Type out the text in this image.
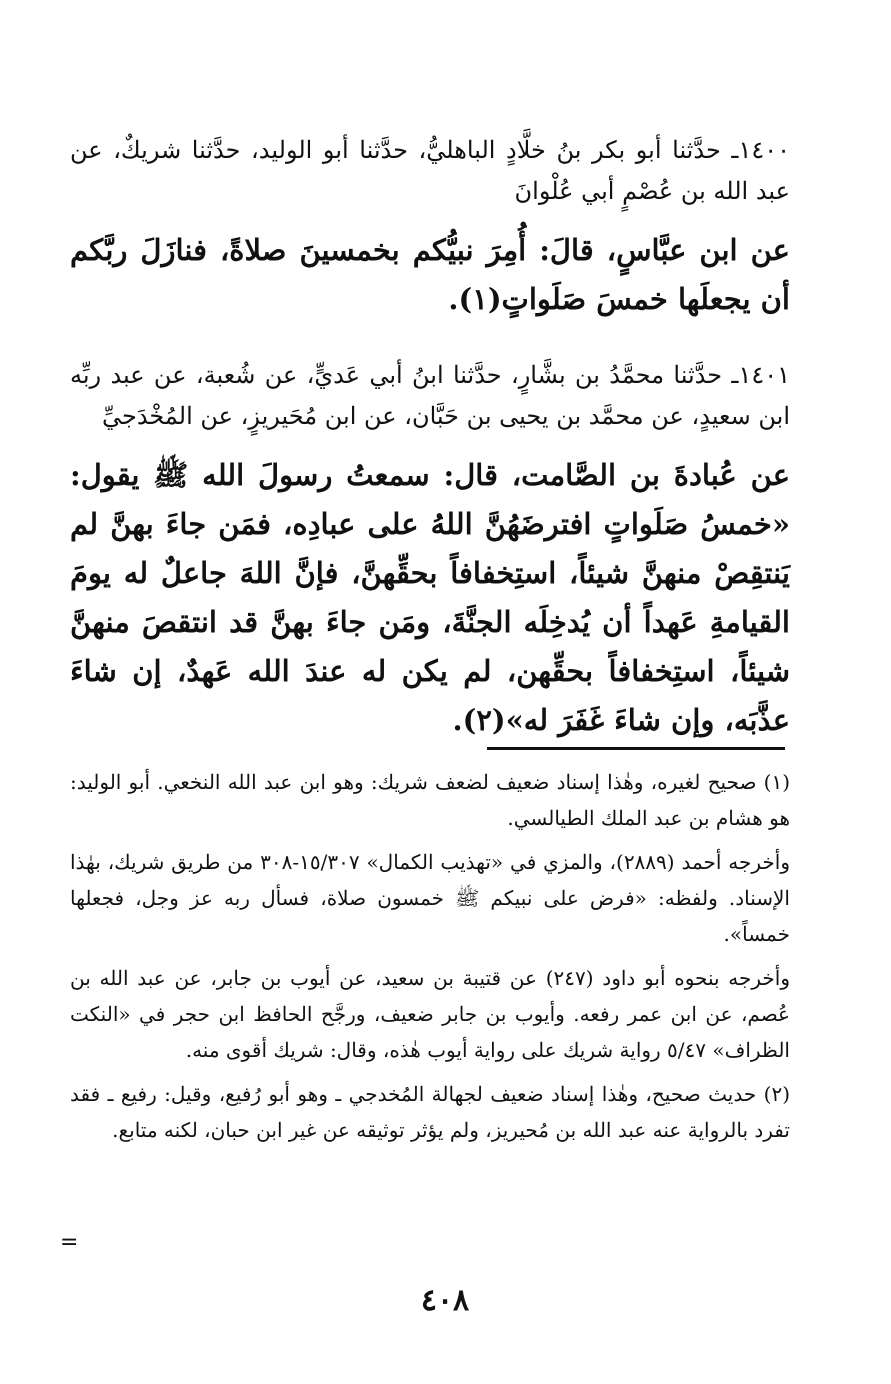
١٤٠٠ـ حدَّثنا أبو بكر بنُ خلَّادٍ الباهليُّ، حدَّثنا أبو الوليد، حدَّثنا شريكٌ، عن عبد الله بن عُصْمٍ أبي عُلْوانَ

عن ابن عبَّاسٍ، قالَ: أُمِرَ نبيُّكم بخمسينَ صلاةً، فنازَلَ ربَّكم أن يجعلَها خمسَ صَلَواتٍ(١).

١٤٠١ـ حدَّثنا محمَّدُ بن بشَّارٍ، حدَّثنا ابنُ أبي عَديٍّ، عن شُعبة، عن عبد ربِّه ابن سعيدٍ، عن محمَّد بن يحيى بن حَبَّان، عن ابن مُحَيريزٍ، عن المُخْدَجيِّ

عن عُبادةَ بن الصَّامت، قال: سمعتُ رسولَ الله ﷺ يقول: «خمسُ صَلَواتٍ افترضَهُنَّ اللهُ على عبادِه، فمَن جاءَ بهنَّ لم يَنتقِصْ منهنَّ شيئاً، استِخفافاً بحقِّهنَّ، فإنَّ اللهَ جاعلٌ له يومَ القيامةِ عَهداً أن يُدخِلَه الجنَّةَ، ومَن جاءَ بهنَّ قد انتقصَ منهنَّ شيئاً، استِخفافاً بحقِّهن، لم يكن له عندَ الله عَهدٌ، إن شاءَ عذَّبَه، وإن شاءَ غَفَرَ له»(٢).

(١) صحيح لغيره، وهٰذا إسناد ضعيف لضعف شريك: وهو ابن عبد الله النخعي. أبو الوليد: هو هشام بن عبد الملك الطيالسي.

وأخرجه أحمد (٢٨٨٩)، والمزي في «تهذيب الكمال» ١٥/٣٠٧-٣٠٨ من طريق شريك، بهٰذا الإسناد. ولفظه: «فرض على نبيكم ﷺ خمسون صلاة، فسأل ربه عز وجل، فجعلها خمساً».

وأخرجه بنحوه أبو داود (٢٤٧) عن قتيبة بن سعيد، عن أيوب بن جابر، عن عبد الله بن عُصم، عن ابن عمر رفعه. وأيوب بن جابر ضعيف، ورجَّح الحافظ ابن حجر في «النكت الظراف» ٥/٤٧ رواية شريك على رواية أيوب هٰذه، وقال: شريك أقوى منه.

(٢) حديث صحيح، وهٰذا إسناد ضعيف لجهالة المُخدجي ـ وهو أبو رُفيع، وقيل: رفيع ـ فقد تفرد بالرواية عنه عبد الله بن مُحيريز، ولم يؤثر توثيقه عن غير ابن حبان، لكنه متابع.

=
٤٠٨
